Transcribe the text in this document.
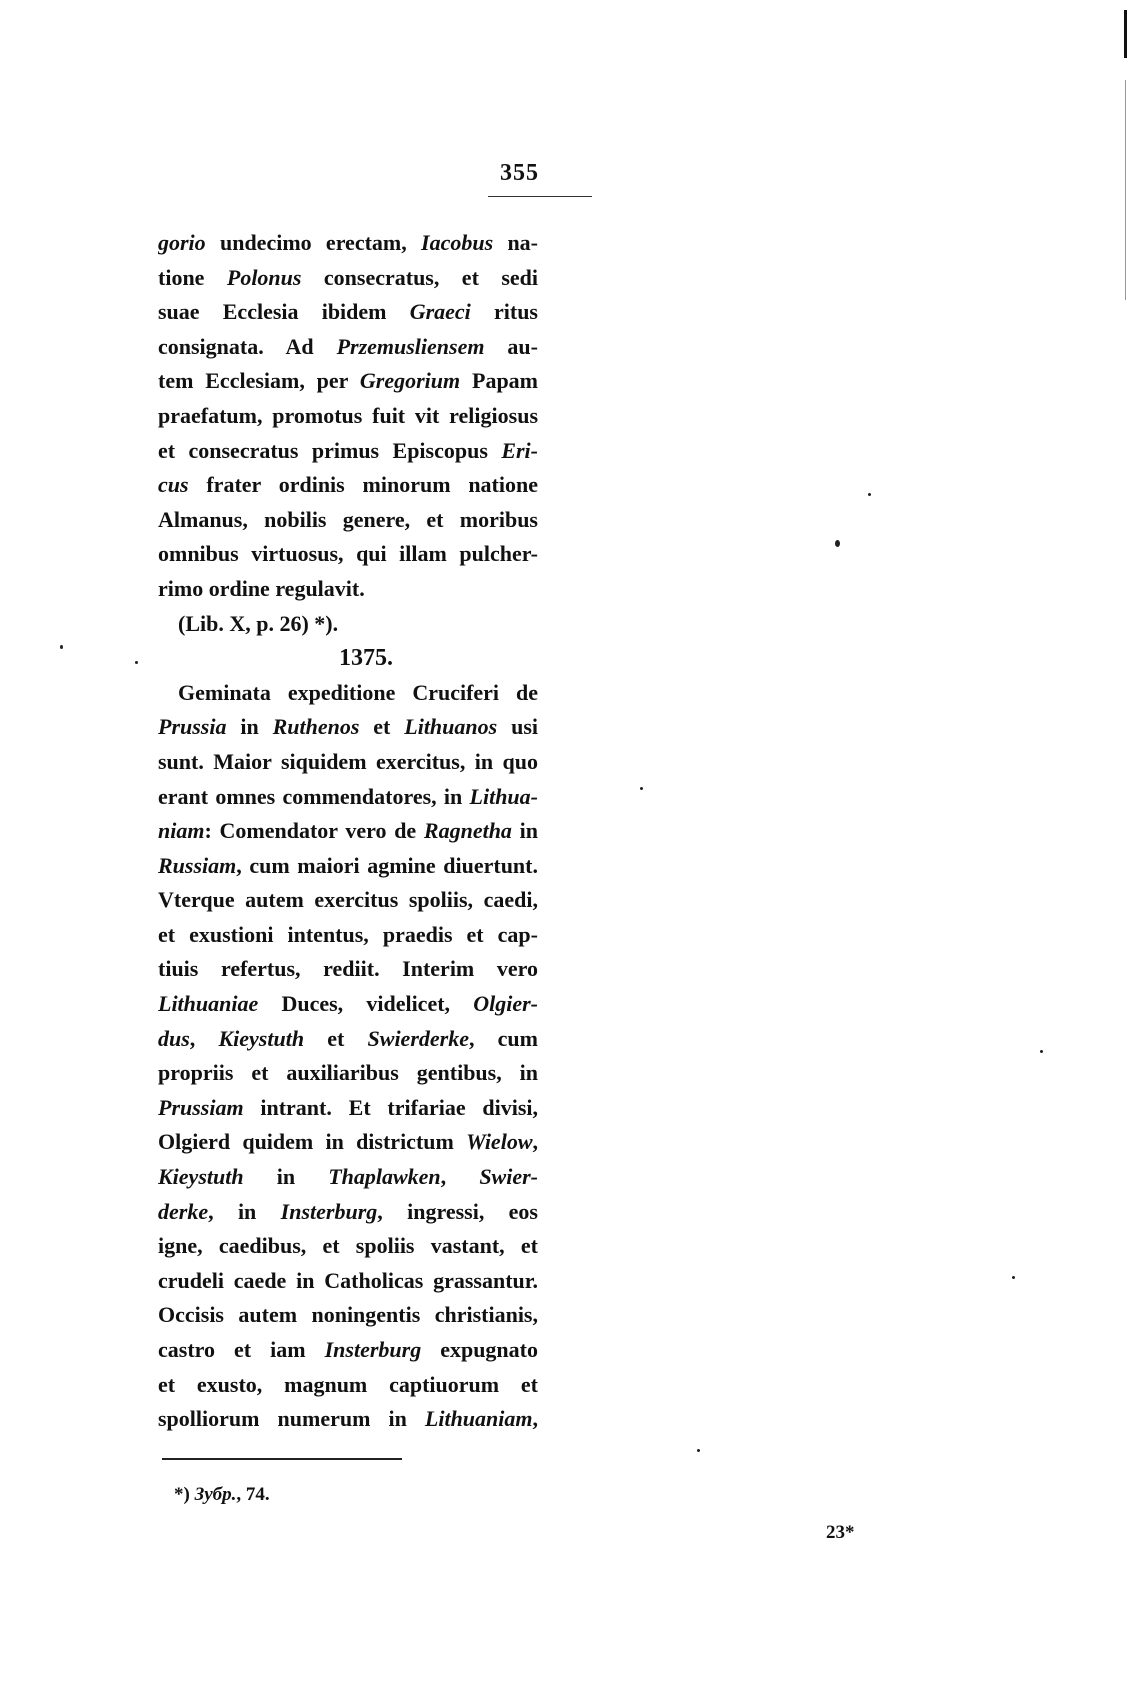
355
gorio undecimo erectam, Iacobus na-
tione Polonus consecratus, et sedi
suae Ecclesia ibidem Graeci ritus
consignata. Ad Przemusliensem au-
tem Ecclesiam, per Gregorium Papam
praefatum, promotus fuit vit religiosus
et consecratus primus Episcopus Eri-
cus frater ordinis minorum natione
Almanus, nobilis genere, et moribus
omnibus virtuosus, qui illam pulcher-
rimo ordine regulavit.
(Lib. X, p. 26) *).
1375.
Geminata expeditione Cruciferi de
Prussia in Ruthenos et Lithuanos usi
sunt. Maior siquidem exercitus, in quo
erant omnes commendatores, in Lithua-
niam: Comendator vero de Ragnetha in
Russiam, cum maiori agmine diuertunt.
Vterque autem exercitus spoliis, caedi,
et exustioni intentus, praedis et cap-
tiuis refertus, rediit. Interim vero
Lithuaniae Duces, videlicet, Olgier-
dus, Kieystuth et Swierderke, cum
propriis et auxiliaribus gentibus, in
Prussiam intrant. Et trifariae divisi,
Olgierd quidem in districtum Wielow,
Kieystuth in Thaplawken, Swier-
derke, in Insterburg, ingressi, eos
igne, caedibus, et spoliis vastant, et
crudeli caede in Catholicas grassantur.
Occisis autem noningentis christianis,
castro et iam Insterburg expugnato
et exusto, magnum captiuorum et
spolliorum numerum in Lithuaniam,
*) Зубр., 74.
23*
